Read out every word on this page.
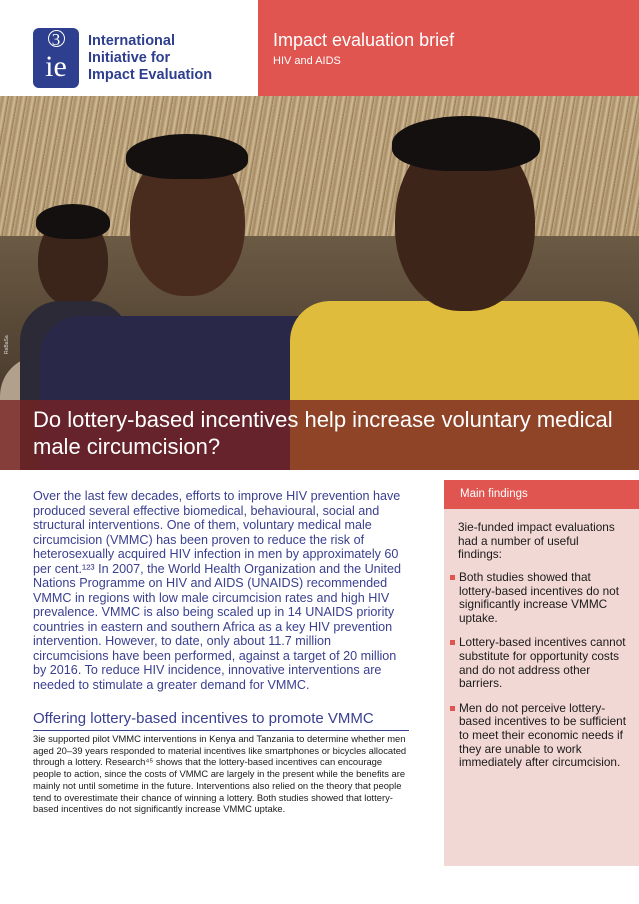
3
ie
International
Initiative for
Impact Evaluation
Impact evaluation brief
HIV and AIDS
ReBaSa
Do lottery-based incentives help increase voluntary medical male circumcision?

Over the last few decades, efforts to improve HIV prevention have produced several effective biomedical, behavioural, social and structural interventions. One of them, voluntary medical male circumcision (VMMC) has been proven to reduce the risk of heterosexually acquired HIV infection in men by approximately 60 per cent.¹²³ In 2007, the World Health Organization and the United Nations Programme on HIV and AIDS (UNAIDS) recommended VMMC in regions with low male circumcision rates and high HIV prevalence. VMMC is also being scaled up in 14 UNAIDS priority countries in eastern and southern Africa as a key HIV prevention intervention. However, to date, only about 11.7 million circumcisions have been performed, against a target of 20 million by 2016. To reduce HIV incidence, innovative interventions are needed to stimulate a greater demand for VMMC.

Offering lottery-based incentives to promote VMMC

3ie supported pilot VMMC interventions in Kenya and Tanzania to determine whether men aged 20–39 years responded to material incentives like smartphones or bicycles allocated through a lottery. Research⁴⁵ shows that the lottery-based incentives can encourage people to action, since the costs of VMMC are largely in the present while the benefits are mainly not until sometime in the future. Interventions also relied on the theory that people tend to overestimate their chance of winning a lottery. Both studies showed that lottery-based incentives do not significantly increase VMMC uptake.

Main findings
3ie-funded impact evaluations had a number of useful findings:
Both studies showed that lottery-based incentives do not significantly increase VMMC uptake.
Lottery-based incentives cannot substitute for opportunity costs and do not address other barriers.
Men do not perceive lottery-based incentives to be sufficient to meet their economic needs if they are unable to work immediately after circumcision.
